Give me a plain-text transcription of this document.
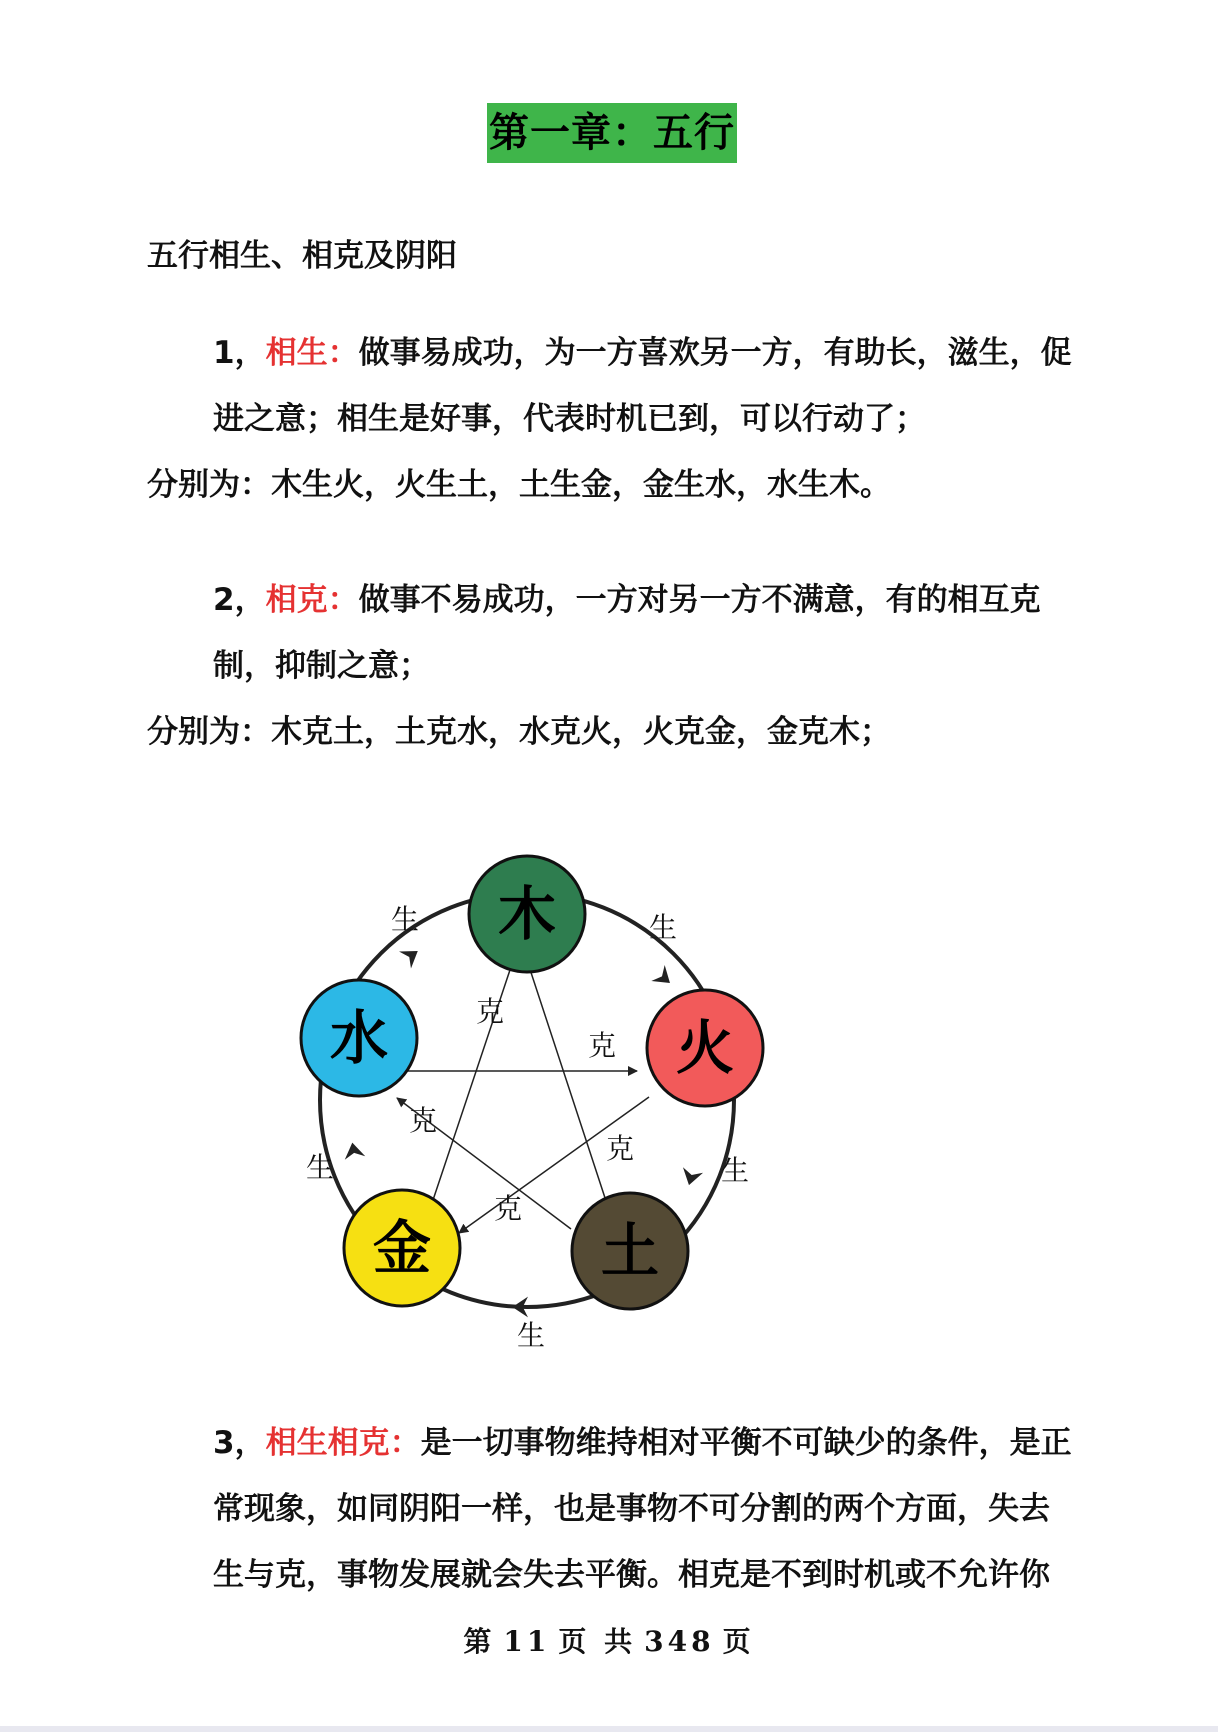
第一章：五行
五行相生、相克及阴阳
1，相生：做事易成功，为一方喜欢另一方，有助长，滋生，促进之意；相生是好事，代表时机已到，可以行动了；
分别为：木生火，火生土，土生金，金生水，水生木。
2，相克：做事不易成功，一方对另一方不满意，有的相互克制，抑制之意；
分别为：木克土，土克水，水克火，火克金，金克木；
木
火
土
金
水
生	生
生
生
生
克
克
克
克
克
3，相生相克：是一切事物维持相对平衡不可缺少的条件，是正常现象，如同阴阳一样，也是事物不可分割的两个方面，失去生与克，事物发展就会失去平衡。相克是不到时机或不允许你
第 11 页 共 348 页
